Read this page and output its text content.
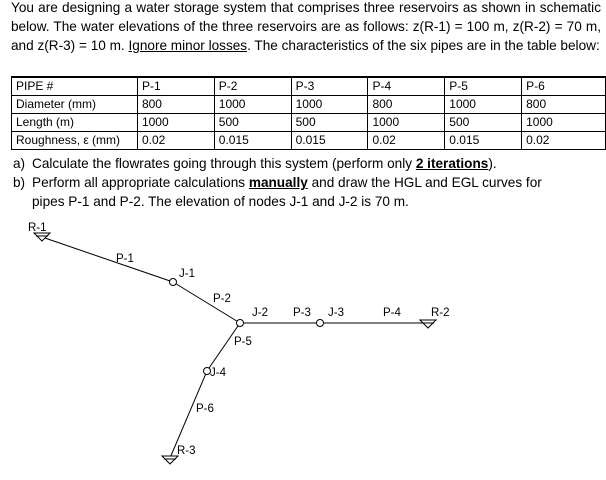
You are designing a water storage system that comprises three reservoirs as shown in schematic below. The water elevations of the three reservoirs are as follows: z(R-1) = 100 m, z(R-2) = 70 m, and z(R-3) = 10 m. Ignore minor losses. The characteristics of the six pipes are in the table below:
PIPE #	P-1	P-2	P-3	P-4	P-5	P-6
Diameter (mm)	800	1000	1000	800	1000	800
Length (m)	1000	500	500	1000	500	1000
Roughness, ε (mm)	0.02	0.015	0.015	0.02	0.015	0.02
a) Calculate the flowrates going through this system (perform only 2 iterations).
b) Perform all appropriate calculations manually and draw the HGL and EGL curves for
pipes P-1 and P-2. The elevation of nodes J-1 and J-2 is 70 m.
R-1
P-1
J-1
P-2
J-2 P-3 J-3	P-4	R-2
P-5
J-4
P-6
R-3
